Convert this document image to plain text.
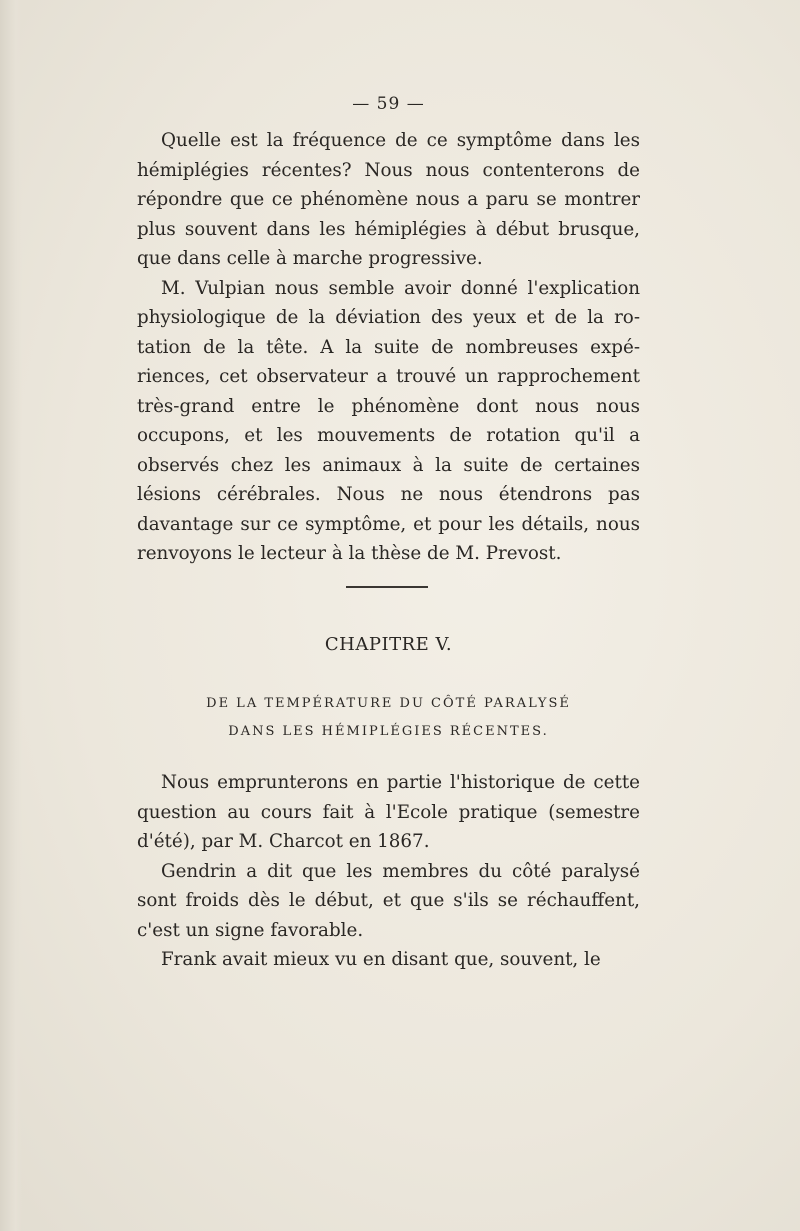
— 59 —

Quelle est la fréquence de ce symptôme dans les hémiplégies récentes? Nous nous contenterons de répondre que ce phénomène nous a paru se montrer plus souvent dans les hémiplégies à début brusque, que dans celle à marche progressive.

M. Vulpian nous semble avoir donné l'explication physiologique de la déviation des yeux et de la rotation de la tête. A la suite de nombreuses expériences, cet observateur a trouvé un rapprochement très-grand entre le phénomène dont nous nous occupons, et les mouvements de rotation qu'il a observés chez les animaux à la suite de certaines lésions cérébrales. Nous ne nous étendrons pas davantage sur ce symptôme, et pour les détails, nous renvoyons le lecteur à la thèse de M. Prevost.

CHAPITRE V.
DE LA TEMPÉRATURE DU CÔTÉ PARALYSÉ
DANS LES HÉMIPLÉGIES RÉCENTES.

Nous emprunterons en partie l'historique de cette question au cours fait à l'Ecole pratique (semestre d'été), par M. Charcot en 1867.

Gendrin a dit que les membres du côté paralysé sont froids dès le début, et que s'ils se réchauffent, c'est un signe favorable.

Frank avait mieux vu en disant que, souvent, le
